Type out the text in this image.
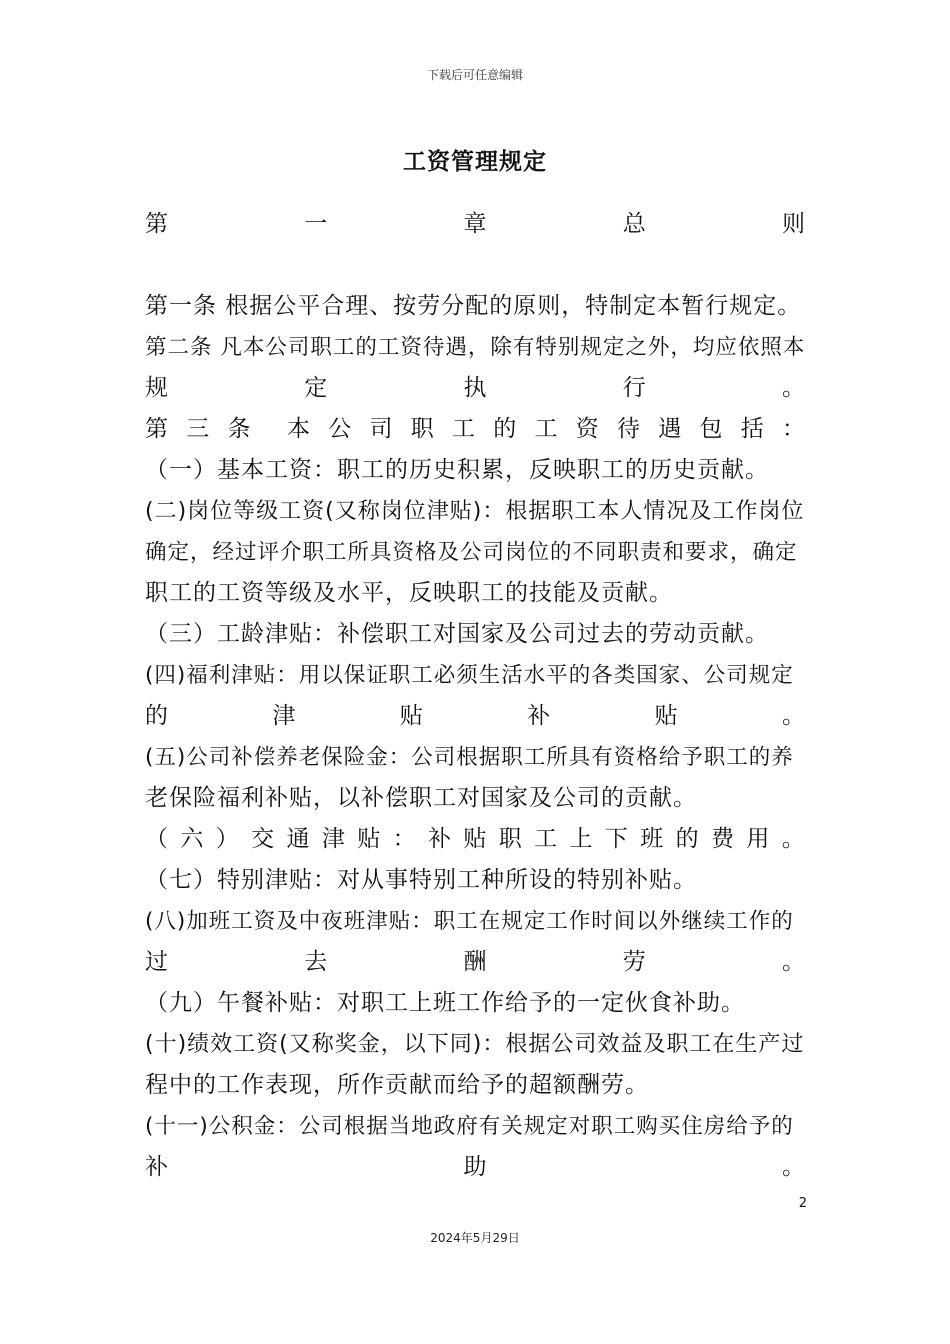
下载后可任意编辑
工资管理规定
第	一	章	总	则
第一条 根据公平合理、按劳分配的原则，特制定本暂行规定。
第二条 凡本公司职工的工资待遇，除有特别规定之外，均应依照本
规	定	执	行	。
第 三 条 本 公 司 职 工 的 工 资 待 遇 包 括 ：
（一）基本工资：职工的历史积累，反映职工的历史贡献。
(二)岗位等级工资(又称岗位津贴)：根据职工本人情况及工作岗位
确定，经过评介职工所具资格及公司岗位的不同职责和要求，确定
职工的工资等级及水平，反映职工的技能及贡献。
（三）工龄津贴：补偿职工对国家及公司过去的劳动贡献。
(四)福利津贴：用以保证职工必须生活水平的各类国家、公司规定
的	津	贴	补	贴	。
(五)公司补偿养老保险金：公司根据职工所具有资格给予职工的养
老保险福利补贴，以补偿职工对国家及公司的贡献。
（ 六 ） 交 通 津 贴 ： 补 贴 职 工 上 下 班 的 费 用 。
（七）特别津贴：对从事特别工种所设的特别补贴。
(八)加班工资及中夜班津贴：职工在规定工作时间以外继续工作的
过	去	酬	劳	。
（九）午餐补贴：对职工上班工作给予的一定伙食补助。
(十)绩效工资(又称奖金，以下同)：根据公司效益及职工在生产过
程中的工作表现，所作贡献而给予的超额酬劳。
(十一)公积金：公司根据当地政府有关规定对职工购买住房给予的
补	助	。
2
2024年5月29日
